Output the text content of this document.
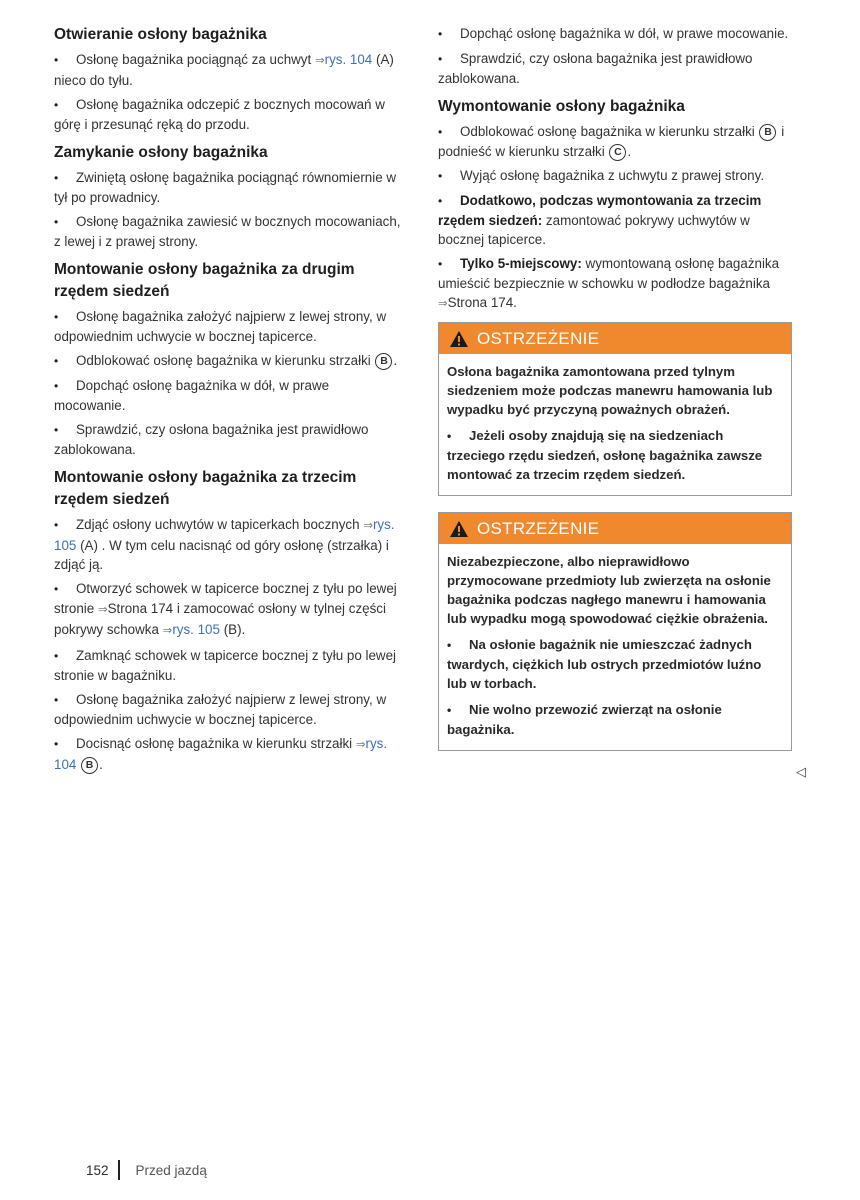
Otwieranie osłony bagażnika

• Osłonę bagażnika pociągnąć za uchwyt ⇒rys. 104 (A) nieco do tyłu.

• Osłonę bagażnika odczepić z bocznych mocowań w górę i przesunąć ręką do przodu.

Zamykanie osłony bagażnika

• Zwiniętą osłonę bagażnika pociągnąć równomiernie w tył po prowadnicy.

• Osłonę bagażnika zawiesić w bocznych mocowaniach, z lewej i z prawej strony.

Montowanie osłony bagażnika za drugim rzędem siedzeń

• Osłonę bagażnika założyć najpierw z lewej strony, w odpowiednim uchwycie w bocznej tapicerce.

• Odblokować osłonę bagażnika w kierunku strzałki B .

• Dopchąć osłonę bagażnika w dół, w prawe mocowanie.

• Sprawdzić, czy osłona bagażnika jest prawidłowo zablokowana.

Montowanie osłony bagażnika za trzecim rzędem siedzeń

• Zdjąć osłony uchwytów w tapicerkach bocznych ⇒rys. 105 (A) . W tym celu nacisnąć od góry osłonę (strzałka) i zdjąć ją.

• Otworzyć schowek w tapicerce bocznej z tyłu po lewej stronie ⇒Strona 174 i zamocować osłony w tylnej części pokrywy schowka ⇒rys. 105 (B).

• Zamknąć schowek w tapicerce bocznej z tyłu po lewej stronie w bagażniku.

• Osłonę bagażnika założyć najpierw z lewej strony, w odpowiednim uchwycie w bocznej tapicerce.

• Docisnąć osłonę bagażnika w kierunku strzałki ⇒rys. 104 B .

• Dopchąć osłonę bagażnika w dół, w prawe mocowanie.

• Sprawdzić, czy osłona bagażnika jest prawidłowo zablokowana.

Wymontowanie osłony bagażnika

• Odblokować osłonę bagażnika w kierunku strzałki B i podnieść w kierunku strzałki C .

• Wyjąć osłonę bagażnika z uchwytu z prawej strony.

• Dodatkowo, podczas wymontowania za trzecim rzędem siedzeń: zamontować pokrywy uchwytów w bocznej tapicerce.

• Tylko 5-miejscowy: wymontowaną osłonę bagażnika umieścić bezpiecznie w schowku w podłodze bagażnika ⇒Strona 174.

OSTRZEŻENIE

Osłona bagażnika zamontowana przed tylnym siedzeniem może podczas manewru hamowania lub wypadku być przyczyną poważnych obrażeń.

• Jeżeli osoby znajdują się na siedzeniach trzeciego rzędu siedzeń, osłonę bagażnika zawsze montować za trzecim rzędem siedzeń.

OSTRZEŻENIE

Niezabezpieczone, albo nieprawidłowo przymocowane przedmioty lub zwierzęta na osłonie bagażnika podczas nagłego manewru i hamowania lub wypadku mogą spowodować ciężkie obrażenia.

• Na osłonie bagażnik nie umieszczać żadnych twardych, ciężkich lub ostrych przedmiotów luźno lub w torbach.

• Nie wolno przewozić zwierząt na osłonie bagażnika.

◁
152 Przed jazdą
